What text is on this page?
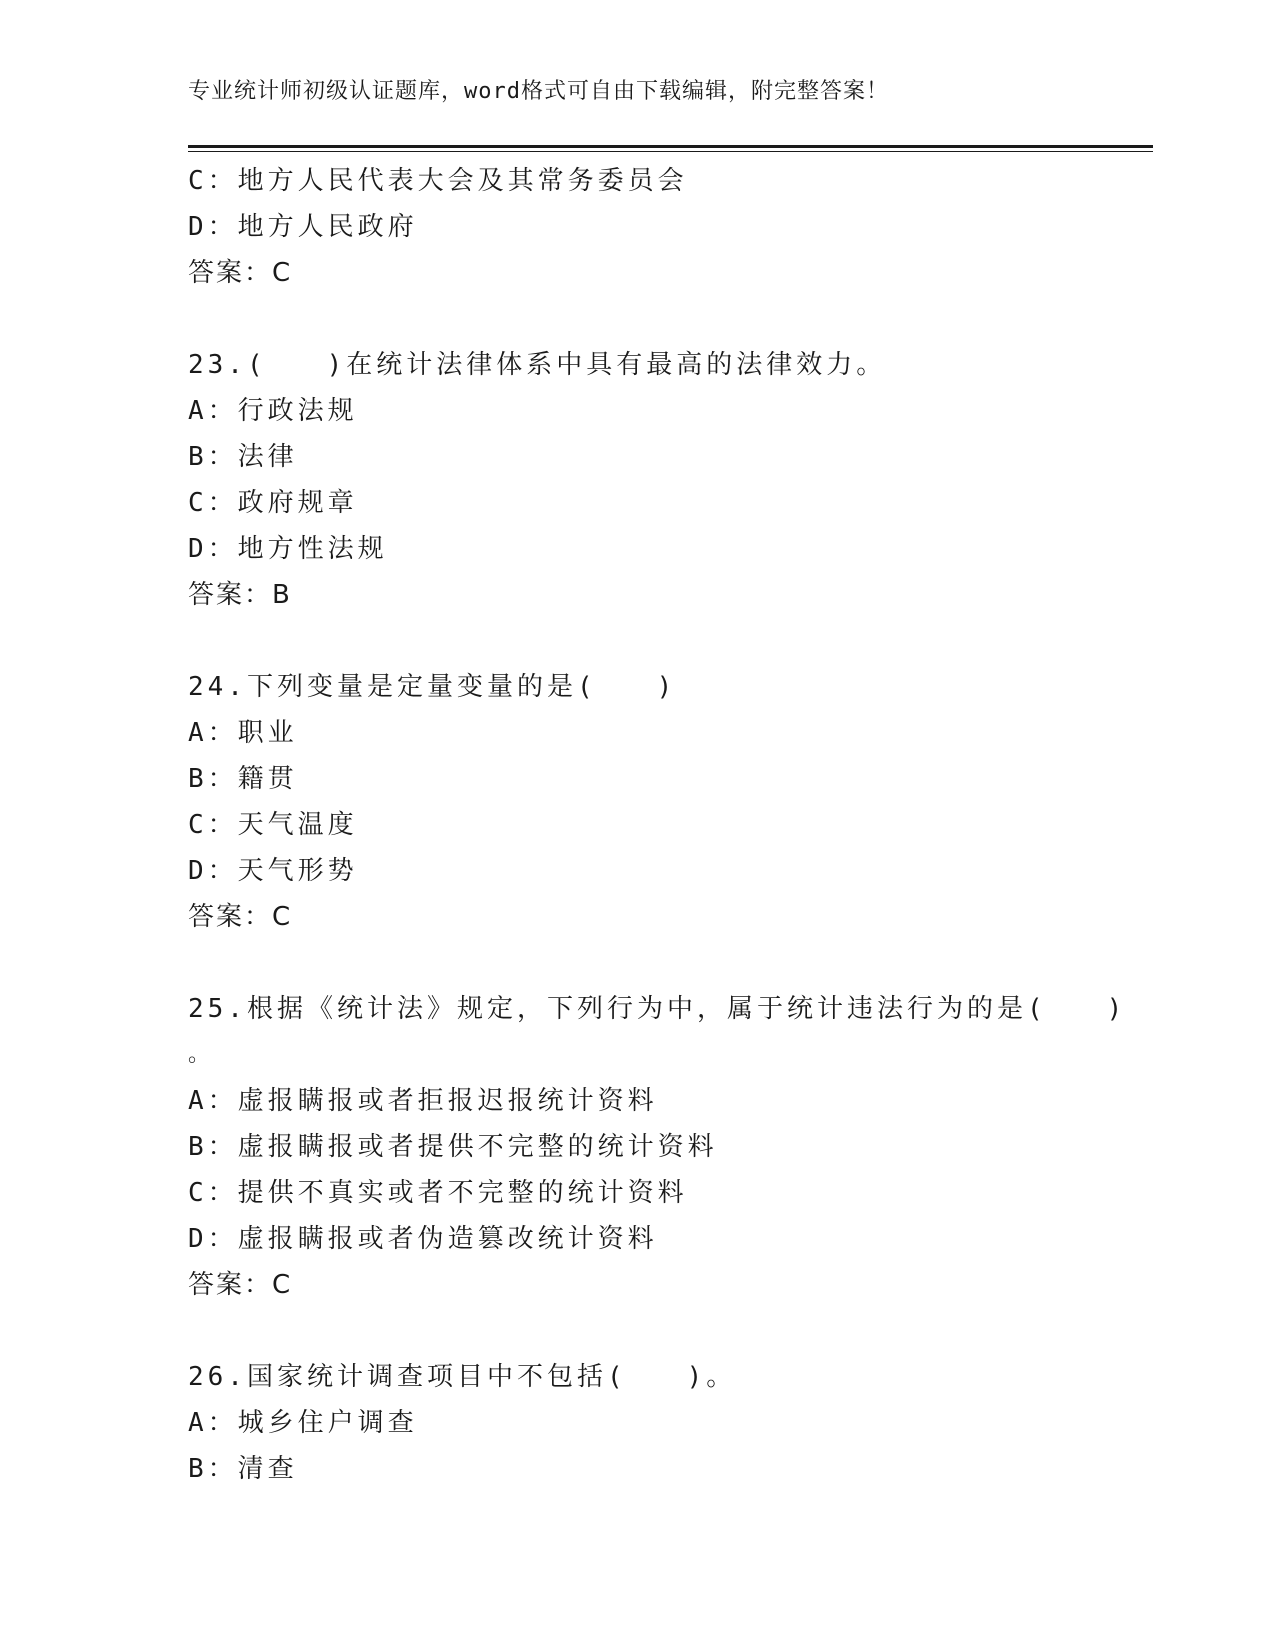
专业统计师初级认证题库，word格式可自由下载编辑，附完整答案！
C：地方人民代表大会及其常务委员会
D：地方人民政府
答案：C
23.(　　)在统计法律体系中具有最高的法律效力。
A：行政法规
B：法律
C：政府规章
D：地方性法规
答案：B
24.下列变量是定量变量的是(　　)
A：职业
B：籍贯
C：天气温度
D：天气形势
答案：C
25.根据《统计法》规定，下列行为中，属于统计违法行为的是(　　)
。
A：虚报瞒报或者拒报迟报统计资料
B：虚报瞒报或者提供不完整的统计资料
C：提供不真实或者不完整的统计资料
D：虚报瞒报或者伪造篡改统计资料
答案：C
26.国家统计调查项目中不包括(　　)。
A：城乡住户调查
B：清查
